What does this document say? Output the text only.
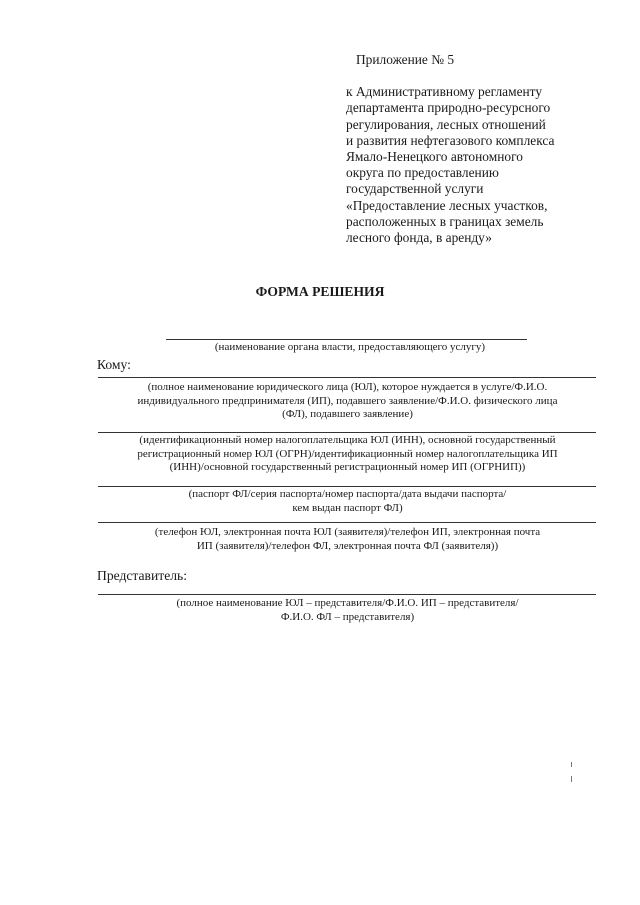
Приложение № 5
к Административному регламенту
департамента природно-ресурсного
регулирования, лесных отношений
и развития нефтегазового комплекса
Ямало-Ненецкого автономного
округа по предоставлению
государственной услуги
«Предоставление лесных участков,
расположенных в границах земель
лесного фонда, в аренду»
ФОРМА РЕШЕНИЯ
(наименование органа власти, предоставляющего услугу)
Кому:
(полное наименование юридического лица (ЮЛ), которое нуждается в услуге/Ф.И.О.
индивидуального предпринимателя (ИП), подавшего заявление/Ф.И.О. физического лица
(ФЛ), подавшего заявление)
(идентификационный номер налогоплательщика ЮЛ (ИНН), основной государственный
регистрационный номер ЮЛ (ОГРН)/идентификационный номер налогоплательщика ИП
(ИНН)/основной государственный регистрационный номер ИП (ОГРНИП))
(паспорт ФЛ/серия паспорта/номер паспорта/дата выдачи паспорта/
кем выдан паспорт ФЛ)
(телефон ЮЛ, электронная почта ЮЛ (заявителя)/телефон ИП, электронная почта
ИП (заявителя)/телефон ФЛ, электронная почта ФЛ (заявителя))
Представитель:
(полное наименование ЮЛ – представителя/Ф.И.О. ИП – представителя/
Ф.И.О. ФЛ – представителя)
